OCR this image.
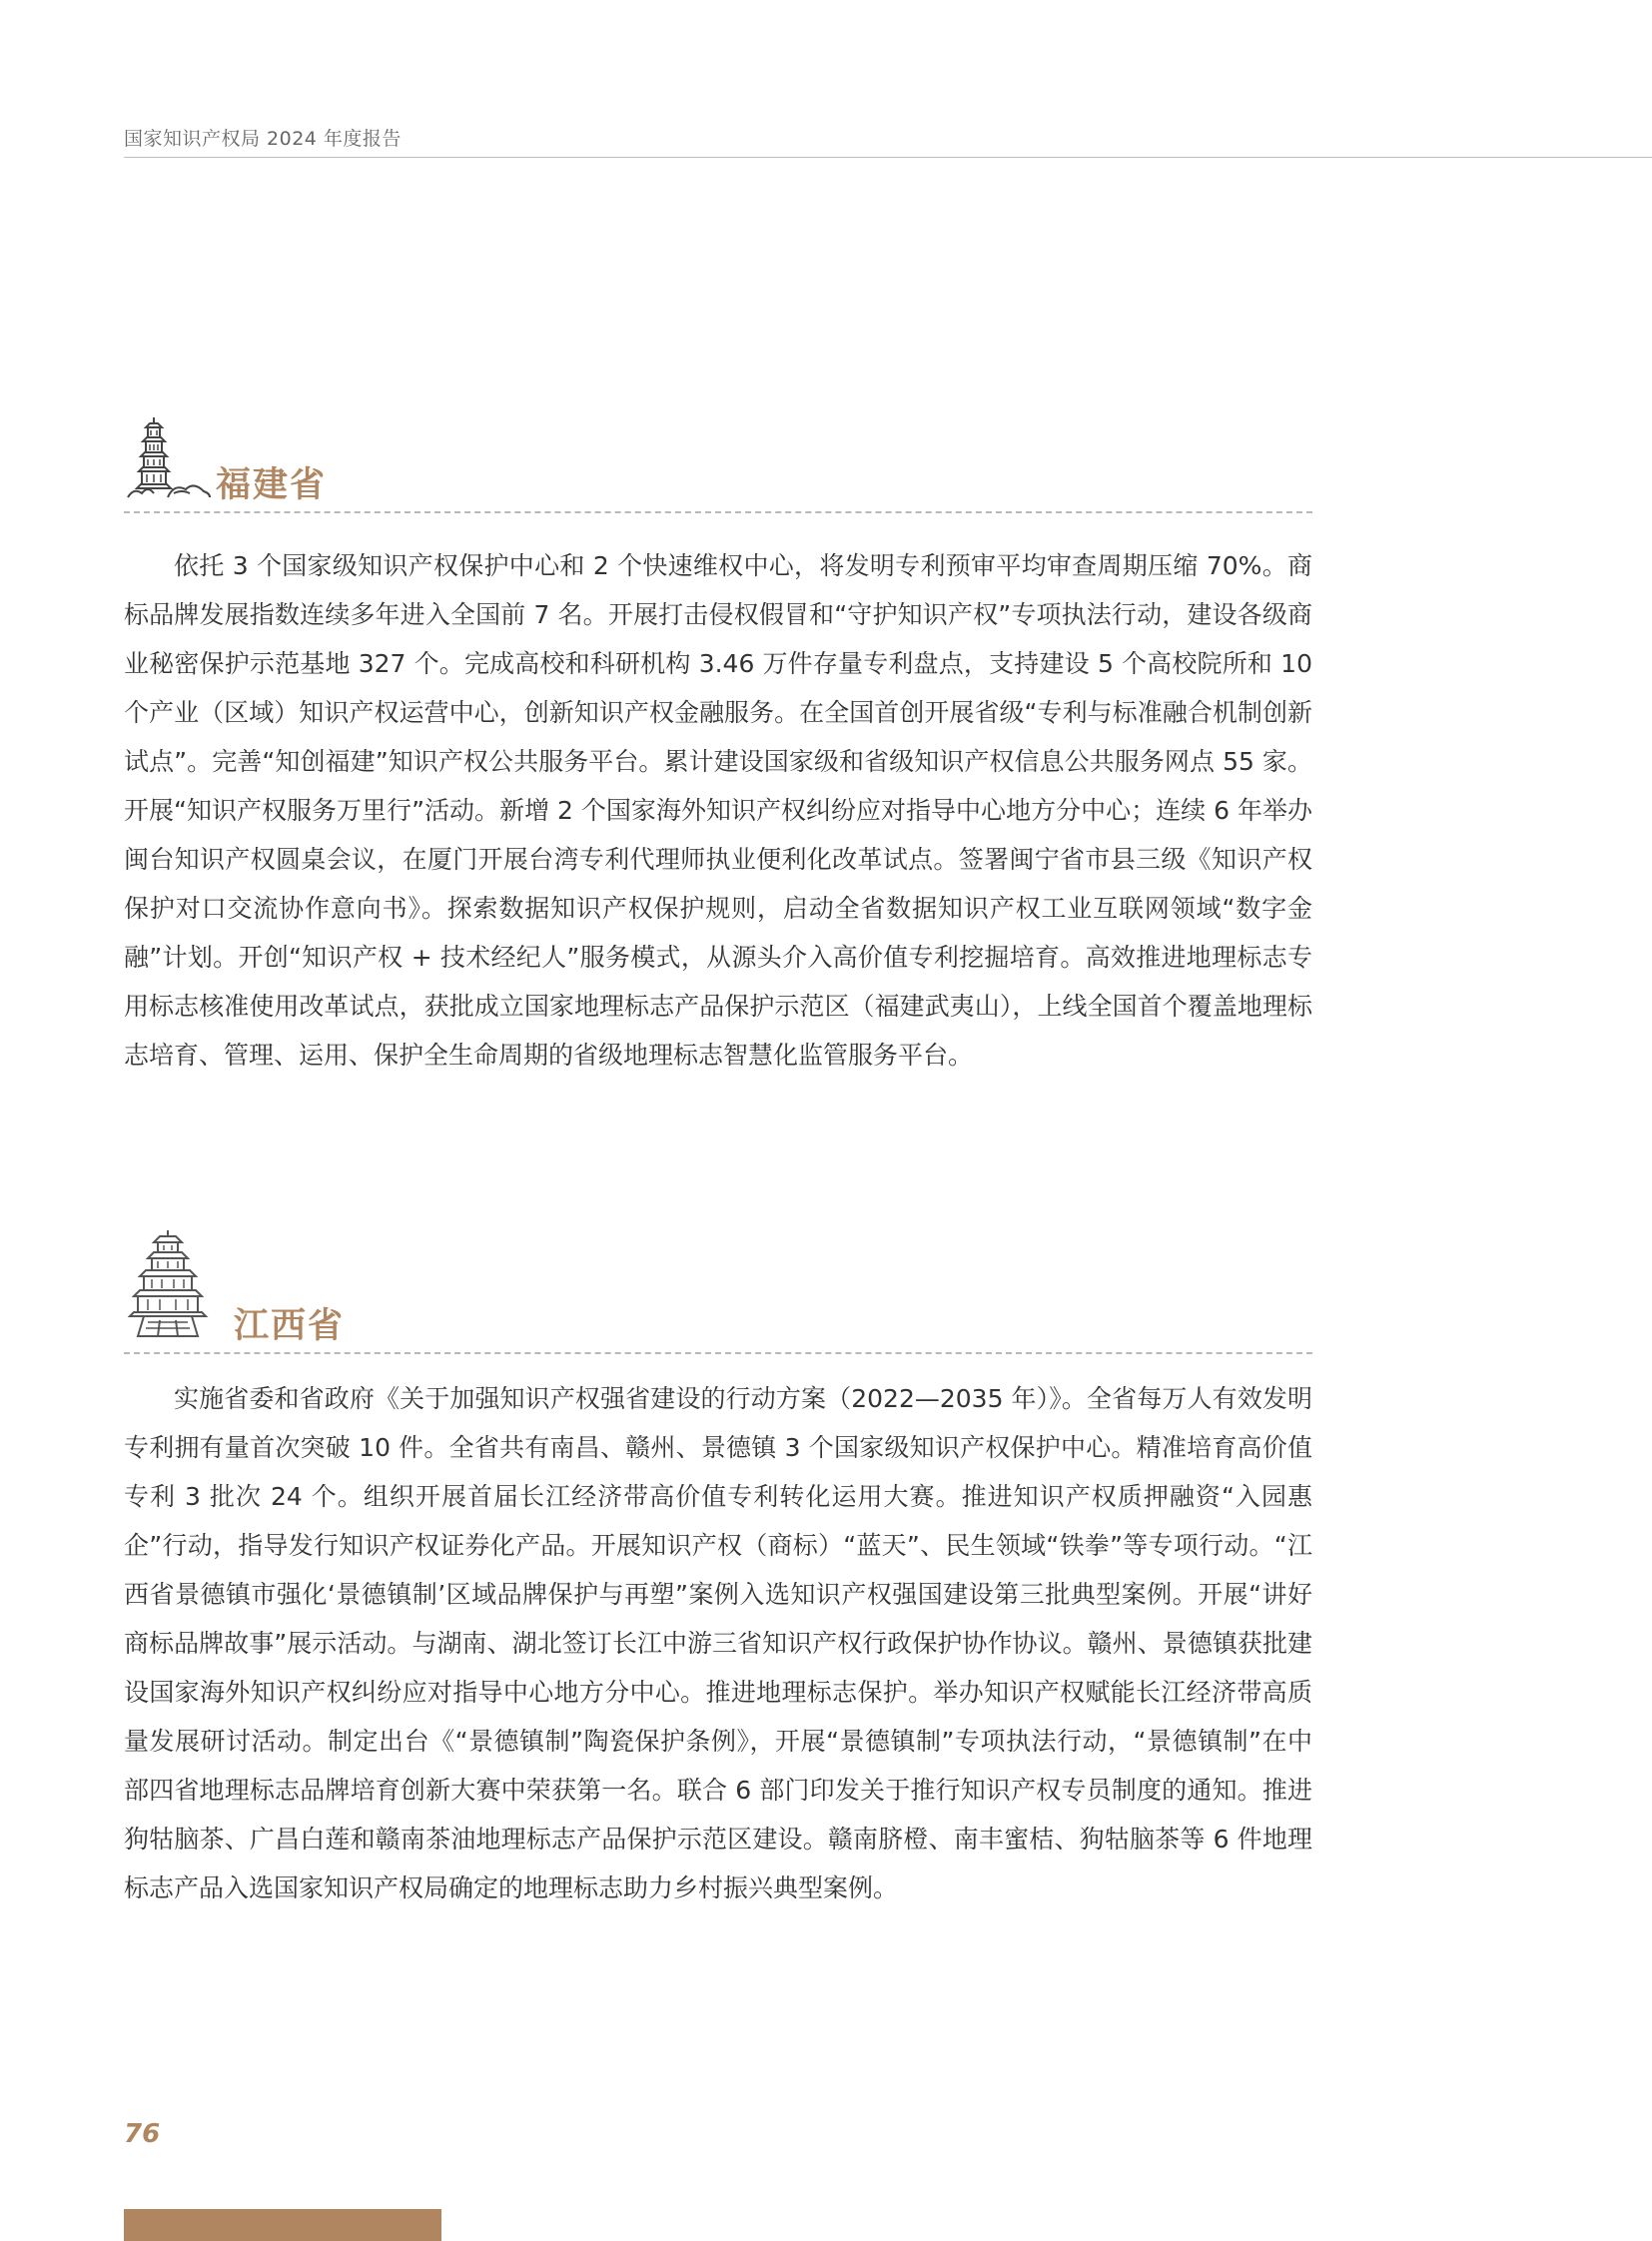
国家知识产权局 2024 年度报告
福建省

依托 3 个国家级知识产权保护中心和 2 个快速维权中心，将发明专利预审平均审查周期压缩 70%。商标品牌发展指数连续多年进入全国前 7 名。开展打击侵权假冒和“守护知识产权”专项执法行动，建设各级商业秘密保护示范基地 327 个。完成高校和科研机构 3.46 万件存量专利盘点，支持建设 5 个高校院所和 10 个产业（区域）知识产权运营中心，创新知识产权金融服务。在全国首创开展省级“专利与标准融合机制创新试点”。完善“知创福建”知识产权公共服务平台。累计建设国家级和省级知识产权信息公共服务网点 55 家。开展“知识产权服务万里行”活动。新增 2 个国家海外知识产权纠纷应对指导中心地方分中心；连续 6 年举办闽台知识产权圆桌会议，在厦门开展台湾专利代理师执业便利化改革试点。签署闽宁省市县三级《知识产权保护对口交流协作意向书》。探索数据知识产权保护规则，启动全省数据知识产权工业互联网领域“数字金融”计划。开创“知识产权 + 技术经纪人”服务模式，从源头介入高价值专利挖掘培育。高效推进地理标志专用标志核准使用改革试点，获批成立国家地理标志产品保护示范区（福建武夷山），上线全国首个覆盖地理标志培育、管理、运用、保护全生命周期的省级地理标志智慧化监管服务平台。

江西省

实施省委和省政府《关于加强知识产权强省建设的行动方案（2022—2035 年）》。全省每万人有效发明专利拥有量首次突破 10 件。全省共有南昌、赣州、景德镇 3 个国家级知识产权保护中心。精准培育高价值专利 3 批次 24 个。组织开展首届长江经济带高价值专利转化运用大赛。推进知识产权质押融资“入园惠企”行动，指导发行知识产权证券化产品。开展知识产权（商标）“蓝天”、民生领域“铁拳”等专项行动。“江西省景德镇市强化‘景德镇制’区域品牌保护与再塑”案例入选知识产权强国建设第三批典型案例。开展“讲好商标品牌故事”展示活动。与湖南、湖北签订长江中游三省知识产权行政保护协作协议。赣州、景德镇获批建设国家海外知识产权纠纷应对指导中心地方分中心。推进地理标志保护。举办知识产权赋能长江经济带高质量发展研讨活动。制定出台《“景德镇制”陶瓷保护条例》，开展“景德镇制”专项执法行动，“景德镇制”在中部四省地理标志品牌培育创新大赛中荣获第一名。联合 6 部门印发关于推行知识产权专员制度的通知。推进狗牯脑茶、广昌白莲和赣南茶油地理标志产品保护示范区建设。赣南脐橙、南丰蜜桔、狗牯脑茶等 6 件地理标志产品入选国家知识产权局确定的地理标志助力乡村振兴典型案例。

76
